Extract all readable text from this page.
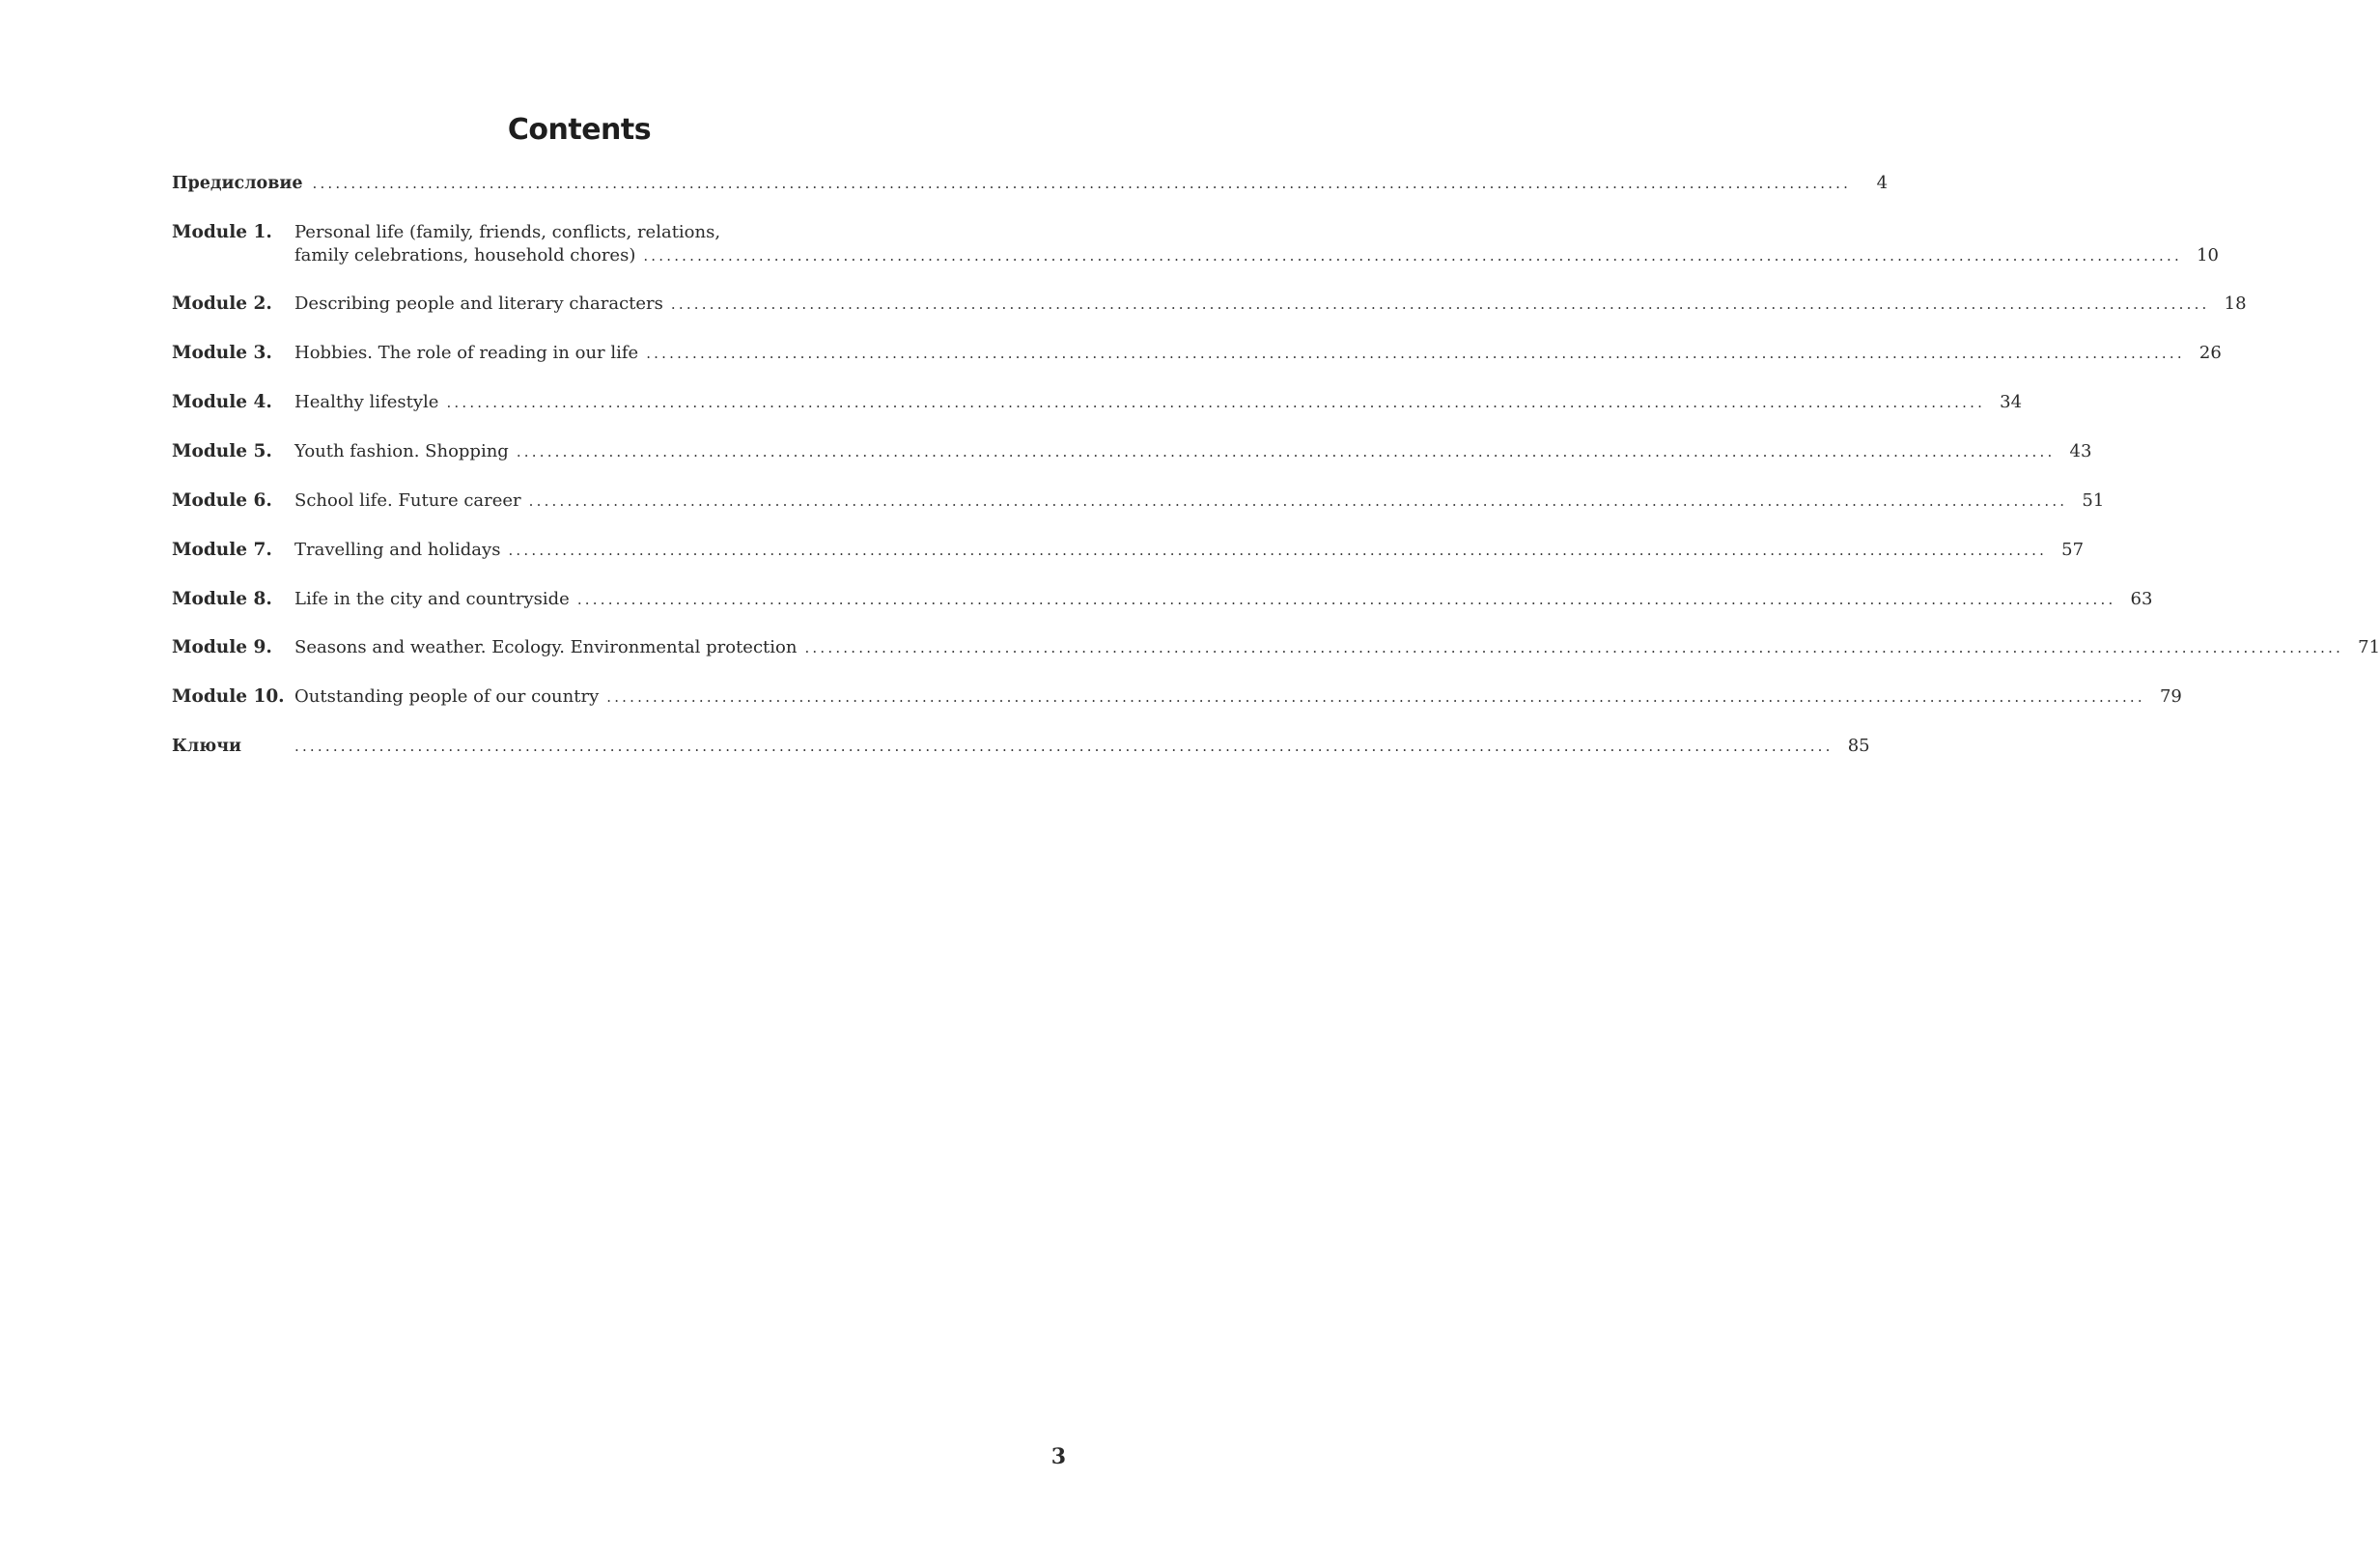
Contents
Предисловие ........................................................................................................................................................................................................	4
Module 1. Personal life (family, friends, conflicts, relations,
family celebrations, household chores) ........................................................................................................................................................................................................ 10
Module 2. Describing people and literary characters ........................................................................................................................................................................................................ 18
Module 3. Hobbies. The role of reading in our life ........................................................................................................................................................................................................ 26
Module 4. Healthy lifestyle ........................................................................................................................................................................................................ 34
Module 5. Youth fashion. Shopping ........................................................................................................................................................................................................ 43
Module 6. School life. Future career ........................................................................................................................................................................................................ 51
Module 7. Travelling and holidays ........................................................................................................................................................................................................ 57
Module 8. Life in the city and countryside ........................................................................................................................................................................................................ 63
Module 9. Seasons and weather. Ecology. Environmental protection ........................................................................................................................................................................................................ 71
Module 10. Outstanding people of our country ........................................................................................................................................................................................................ 79
Ключи	........................................................................................................................................................................................................ 85
3
